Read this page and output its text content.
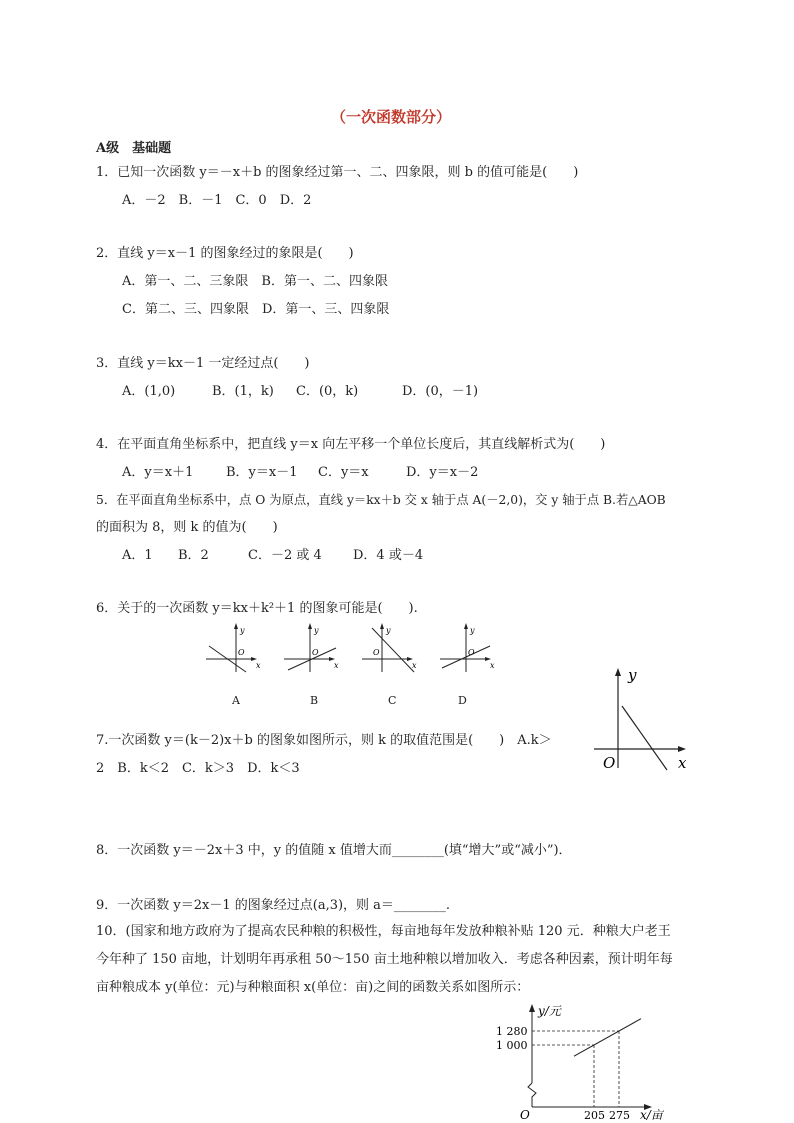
（一次函数部分）
A级　基础题
1．已知一次函数 y＝－x＋b 的图象经过第一、二、四象限，则 b 的值可能是(　　)
A．－2　B．－1　C．0　D．2
2．直线 y＝x－1 的图象经过的象限是(　　)
A．第一、二、三象限　B．第一、二、四象限
C．第二、三、四象限　D．第一、三、四象限
3．直线 y＝kx－1 一定经过点(　　)
A．(1,0)	B．(1，k) C．(0，k)	D．(0，－1)
4．在平面直角坐标系中，把直线 y＝x 向左平移一个单位长度后，其直线解析式为(　　)
A．y＝x＋1	B．y＝x－1 C．y＝x	D．y＝x－2
5．在平面直角坐标系中，点 O 为原点，直线 y＝kx＋b 交 x 轴于点 A(－2,0)，交 y 轴于点 B.若△AOB
的面积为 8，则 k 的值为(　　)
A．1 B．2	C．－2 或 4 D．4 或－4
6．关于的一次函数 y＝kx＋k²＋1 的图象可能是(　　).
y
O
x
A
y
O
x
B
y
O
x
C
y
O
x
D
y
O	x
7.一次函数 y＝(k－2)x＋b 的图象如图所示，则 k 的取值范围是(　　)　A.k＞
2　B．k＜2　C．k＞3　D．k＜3
8．一次函数 y＝－2x＋3 中，y 的值随 x 值增大而________(填“增大”或“减小”)．
9．一次函数 y＝2x－1 的图象经过点(a,3)，则 a＝________.
10．(国家和地方政府为了提高农民种粮的积极性，每亩地每年发放种粮补贴 120 元．种粮大户老王
今年种了 150 亩地，计划明年再承租 50～150 亩土地种粮以增加收入．考虑各种因素，预计明年每
亩种粮成本 y(单位：元)与种粮面积 x(单位：亩)之间的函数关系如图所示：
y/元
x/亩
O
1 280
1 000
205 275
